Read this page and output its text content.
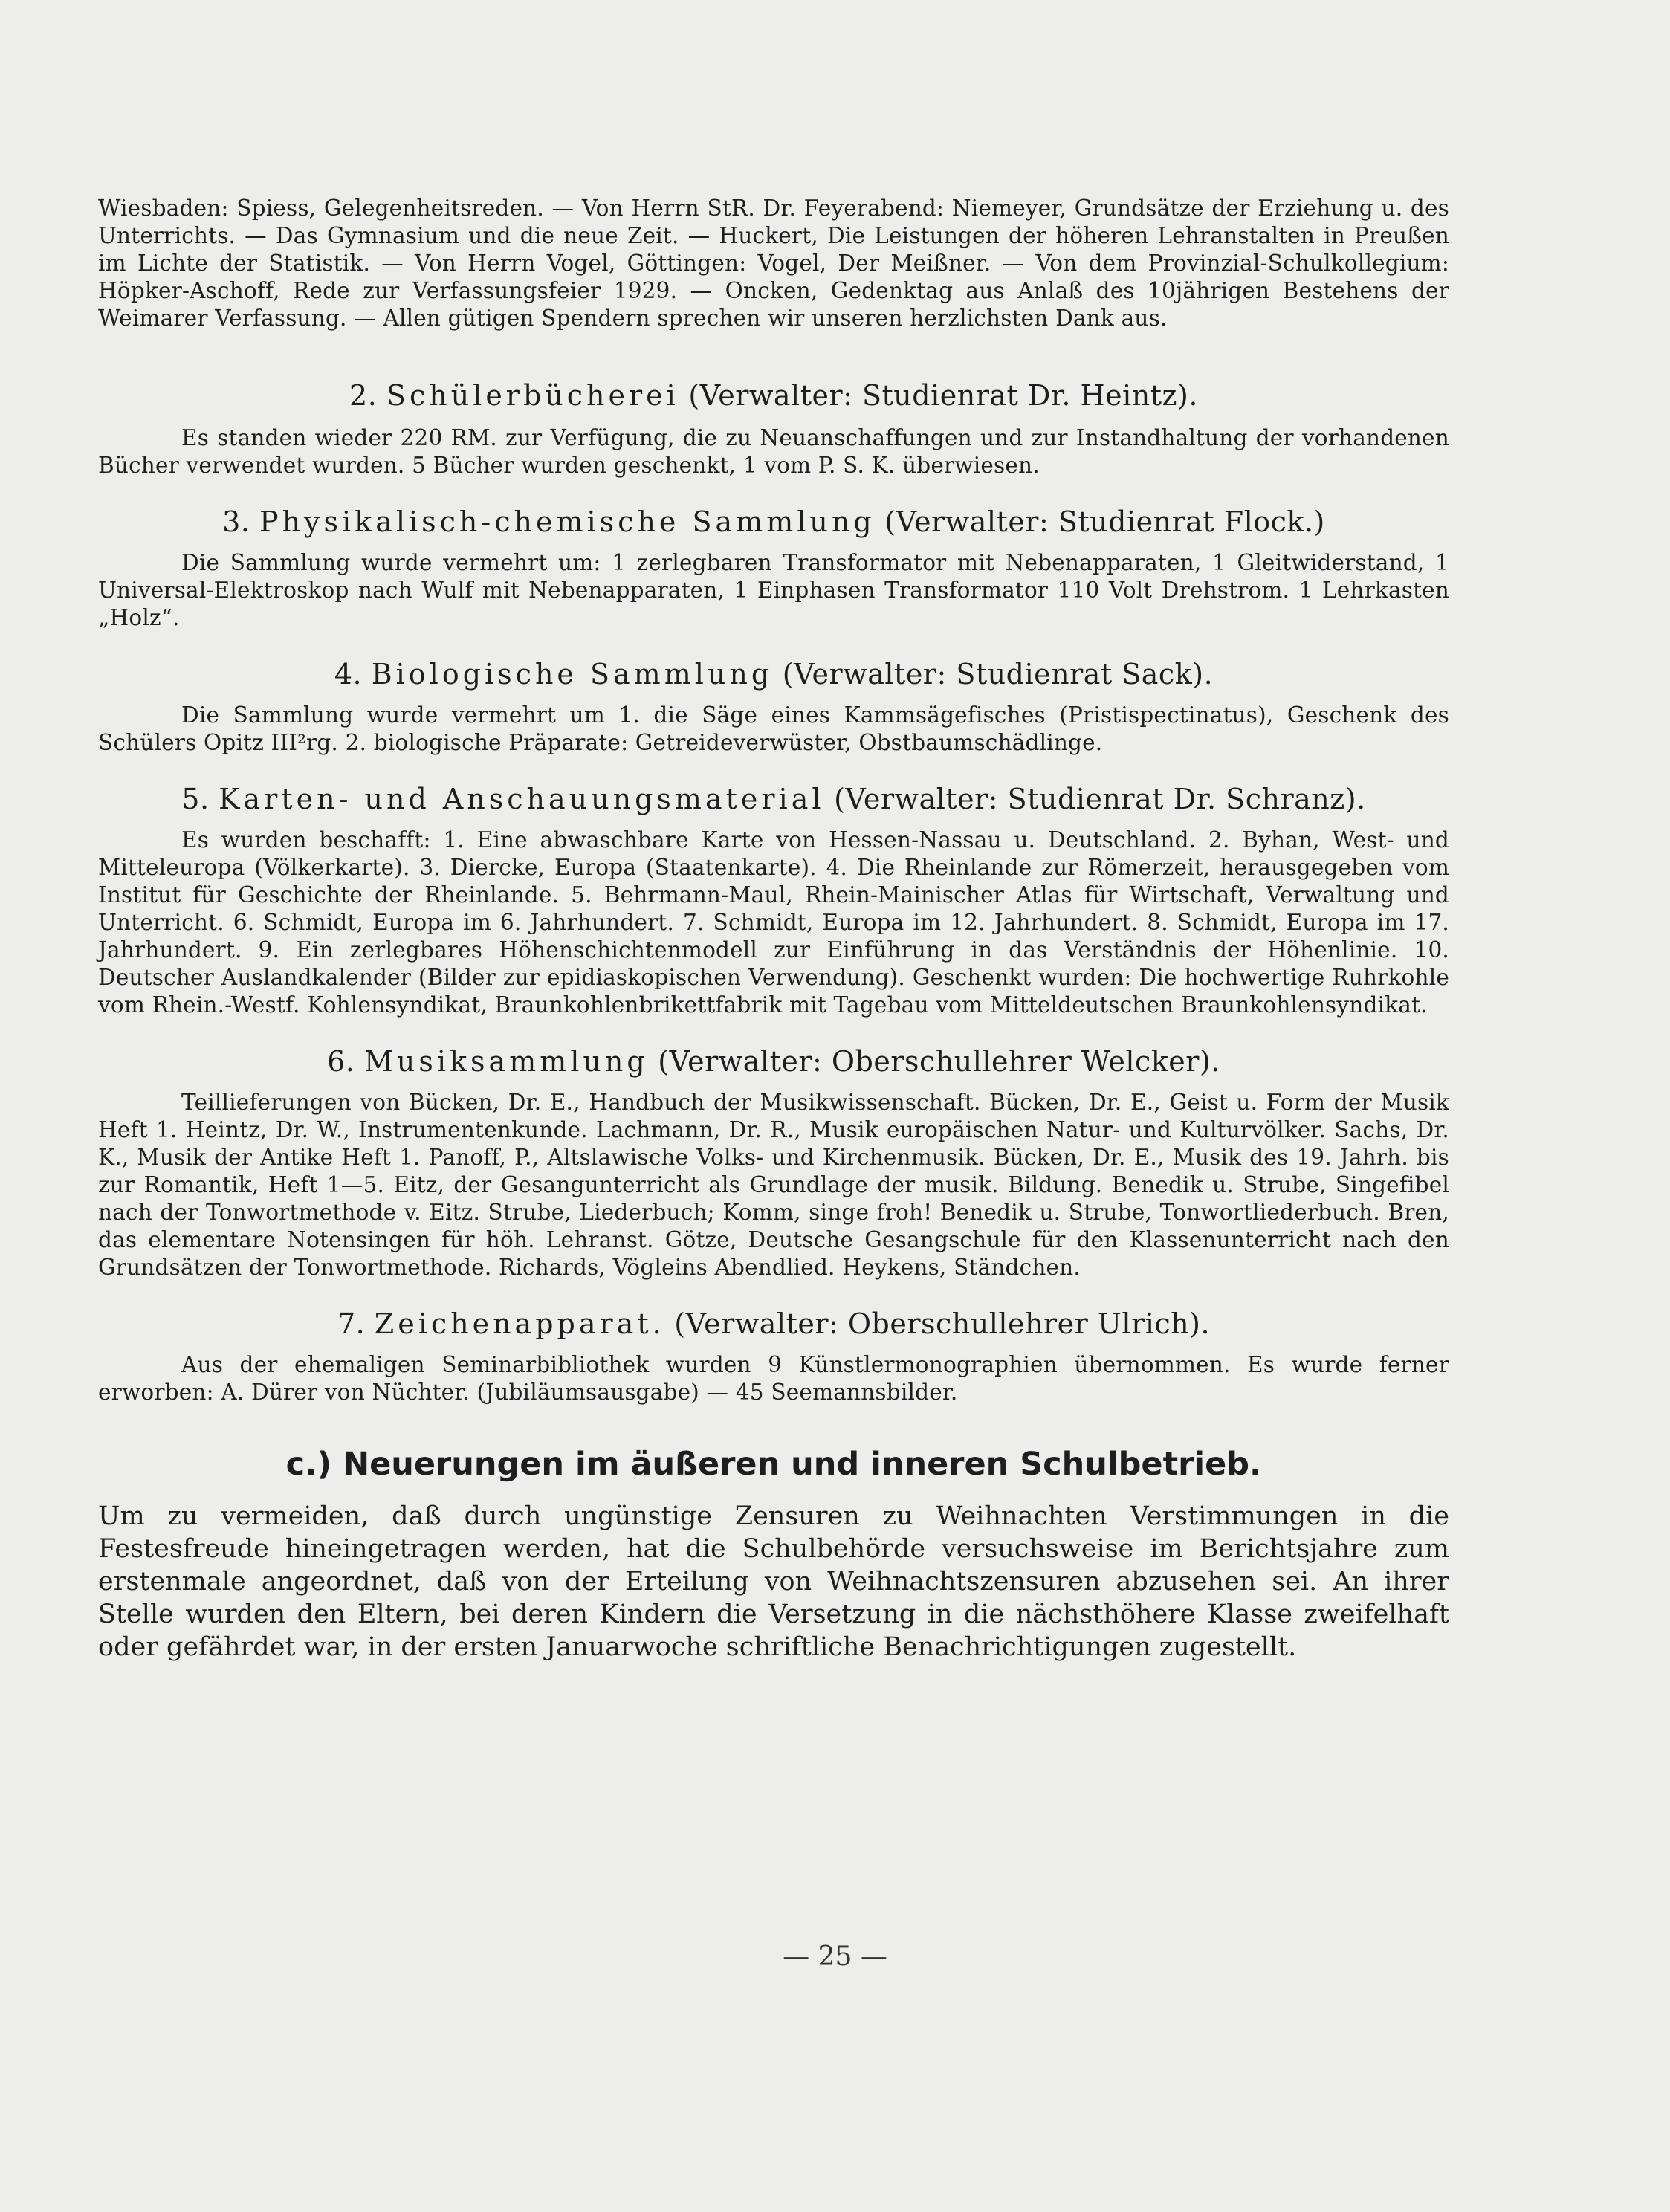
Wiesbaden: Spiess, Gelegenheitsreden. — Von Herrn StR. Dr. Feyerabend: Niemeyer, Grundsätze der Erziehung u. des Unterrichts. — Das Gymnasium und die neue Zeit. — Huckert, Die Leistungen der höheren Lehranstalten in Preußen im Lichte der Statistik. — Von Herrn Vogel, Göttingen: Vogel, Der Meißner. — Von dem Provinzial-Schulkollegium: Höpker-Aschoff, Rede zur Verfassungsfeier 1929. — Oncken, Gedenktag aus Anlaß des 10jährigen Bestehens der Weimarer Verfassung. — Allen gütigen Spendern sprechen wir unseren herzlichsten Dank aus.

2. Schülerbücherei (Verwalter: Studienrat Dr. Heintz).

Es standen wieder 220 RM. zur Verfügung, die zu Neuanschaffungen und zur Instandhaltung der vorhandenen Bücher verwendet wurden. 5 Bücher wurden geschenkt, 1 vom P. S. K. überwiesen.

3. Physikalisch-chemische Sammlung (Verwalter: Studienrat Flock.)

Die Sammlung wurde vermehrt um: 1 zerlegbaren Transformator mit Nebenapparaten, 1 Gleitwiderstand, 1 Universal-Elektroskop nach Wulf mit Nebenapparaten, 1 Einphasen Transformator 110 Volt Drehstrom. 1 Lehrkasten „Holz“.

4. Biologische Sammlung (Verwalter: Studienrat Sack).

Die Sammlung wurde vermehrt um 1. die Säge eines Kammsägefisches (Pristispectinatus), Geschenk des Schülers Opitz III²rg. 2. biologische Präparate: Getreideverwüster, Obstbaumschädlinge.

5. Karten- und Anschauungsmaterial (Verwalter: Studienrat Dr. Schranz).

Es wurden beschafft: 1. Eine abwaschbare Karte von Hessen-Nassau u. Deutschland. 2. Byhan, West- und Mitteleuropa (Völkerkarte). 3. Diercke, Europa (Staatenkarte). 4. Die Rheinlande zur Römerzeit, herausgegeben vom Institut für Geschichte der Rheinlande. 5. Behrmann-Maul, Rhein-Mainischer Atlas für Wirtschaft, Verwaltung und Unterricht. 6. Schmidt, Europa im 6. Jahrhundert. 7. Schmidt, Europa im 12. Jahrhundert. 8. Schmidt, Europa im 17. Jahrhundert. 9. Ein zerlegbares Höhenschichtenmodell zur Einführung in das Verständnis der Höhenlinie. 10. Deutscher Auslandkalender (Bilder zur epidiaskopischen Verwendung). Geschenkt wurden: Die hochwertige Ruhrkohle vom Rhein.-Westf. Kohlensyndikat, Braunkohlenbrikettfabrik mit Tagebau vom Mitteldeutschen Braunkohlensyndikat.

6. Musiksammlung (Verwalter: Oberschullehrer Welcker).

Teillieferungen von Bücken, Dr. E., Handbuch der Musikwissenschaft. Bücken, Dr. E., Geist u. Form der Musik Heft 1. Heintz, Dr. W., Instrumentenkunde. Lachmann, Dr. R., Musik europäischen Natur- und Kulturvölker. Sachs, Dr. K., Musik der Antike Heft 1. Panoff, P., Altslawische Volks- und Kirchenmusik. Bücken, Dr. E., Musik des 19. Jahrh. bis zur Romantik, Heft 1—5. Eitz, der Gesangunterricht als Grundlage der musik. Bildung. Benedik u. Strube, Singefibel nach der Tonwortmethode v. Eitz. Strube, Liederbuch; Komm, singe froh! Benedik u. Strube, Tonwortliederbuch. Bren, das elementare Notensingen für höh. Lehranst. Götze, Deutsche Gesangschule für den Klassenunterricht nach den Grundsätzen der Tonwortmethode. Richards, Vögleins Abendlied. Heykens, Ständchen.

7. Zeichenapparat. (Verwalter: Oberschullehrer Ulrich).

Aus der ehemaligen Seminarbibliothek wurden 9 Künstlermonographien übernommen. Es wurde ferner erworben: A. Dürer von Nüchter. (Jubiläumsausgabe) — 45 Seemannsbilder.

c.) Neuerungen im äußeren und inneren Schulbetrieb.

Um zu vermeiden, daß durch ungünstige Zensuren zu Weihnachten Verstimmungen in die Festesfreude hineingetragen werden, hat die Schulbehörde versuchsweise im Berichtsjahre zum erstenmale angeordnet, daß von der Erteilung von Weihnachtszensuren abzusehen sei. An ihrer Stelle wurden den Eltern, bei deren Kindern die Versetzung in die nächsthöhere Klasse zweifelhaft oder gefährdet war, in der ersten Januarwoche schriftliche Benachrichtigungen zugestellt.

— 25 —
